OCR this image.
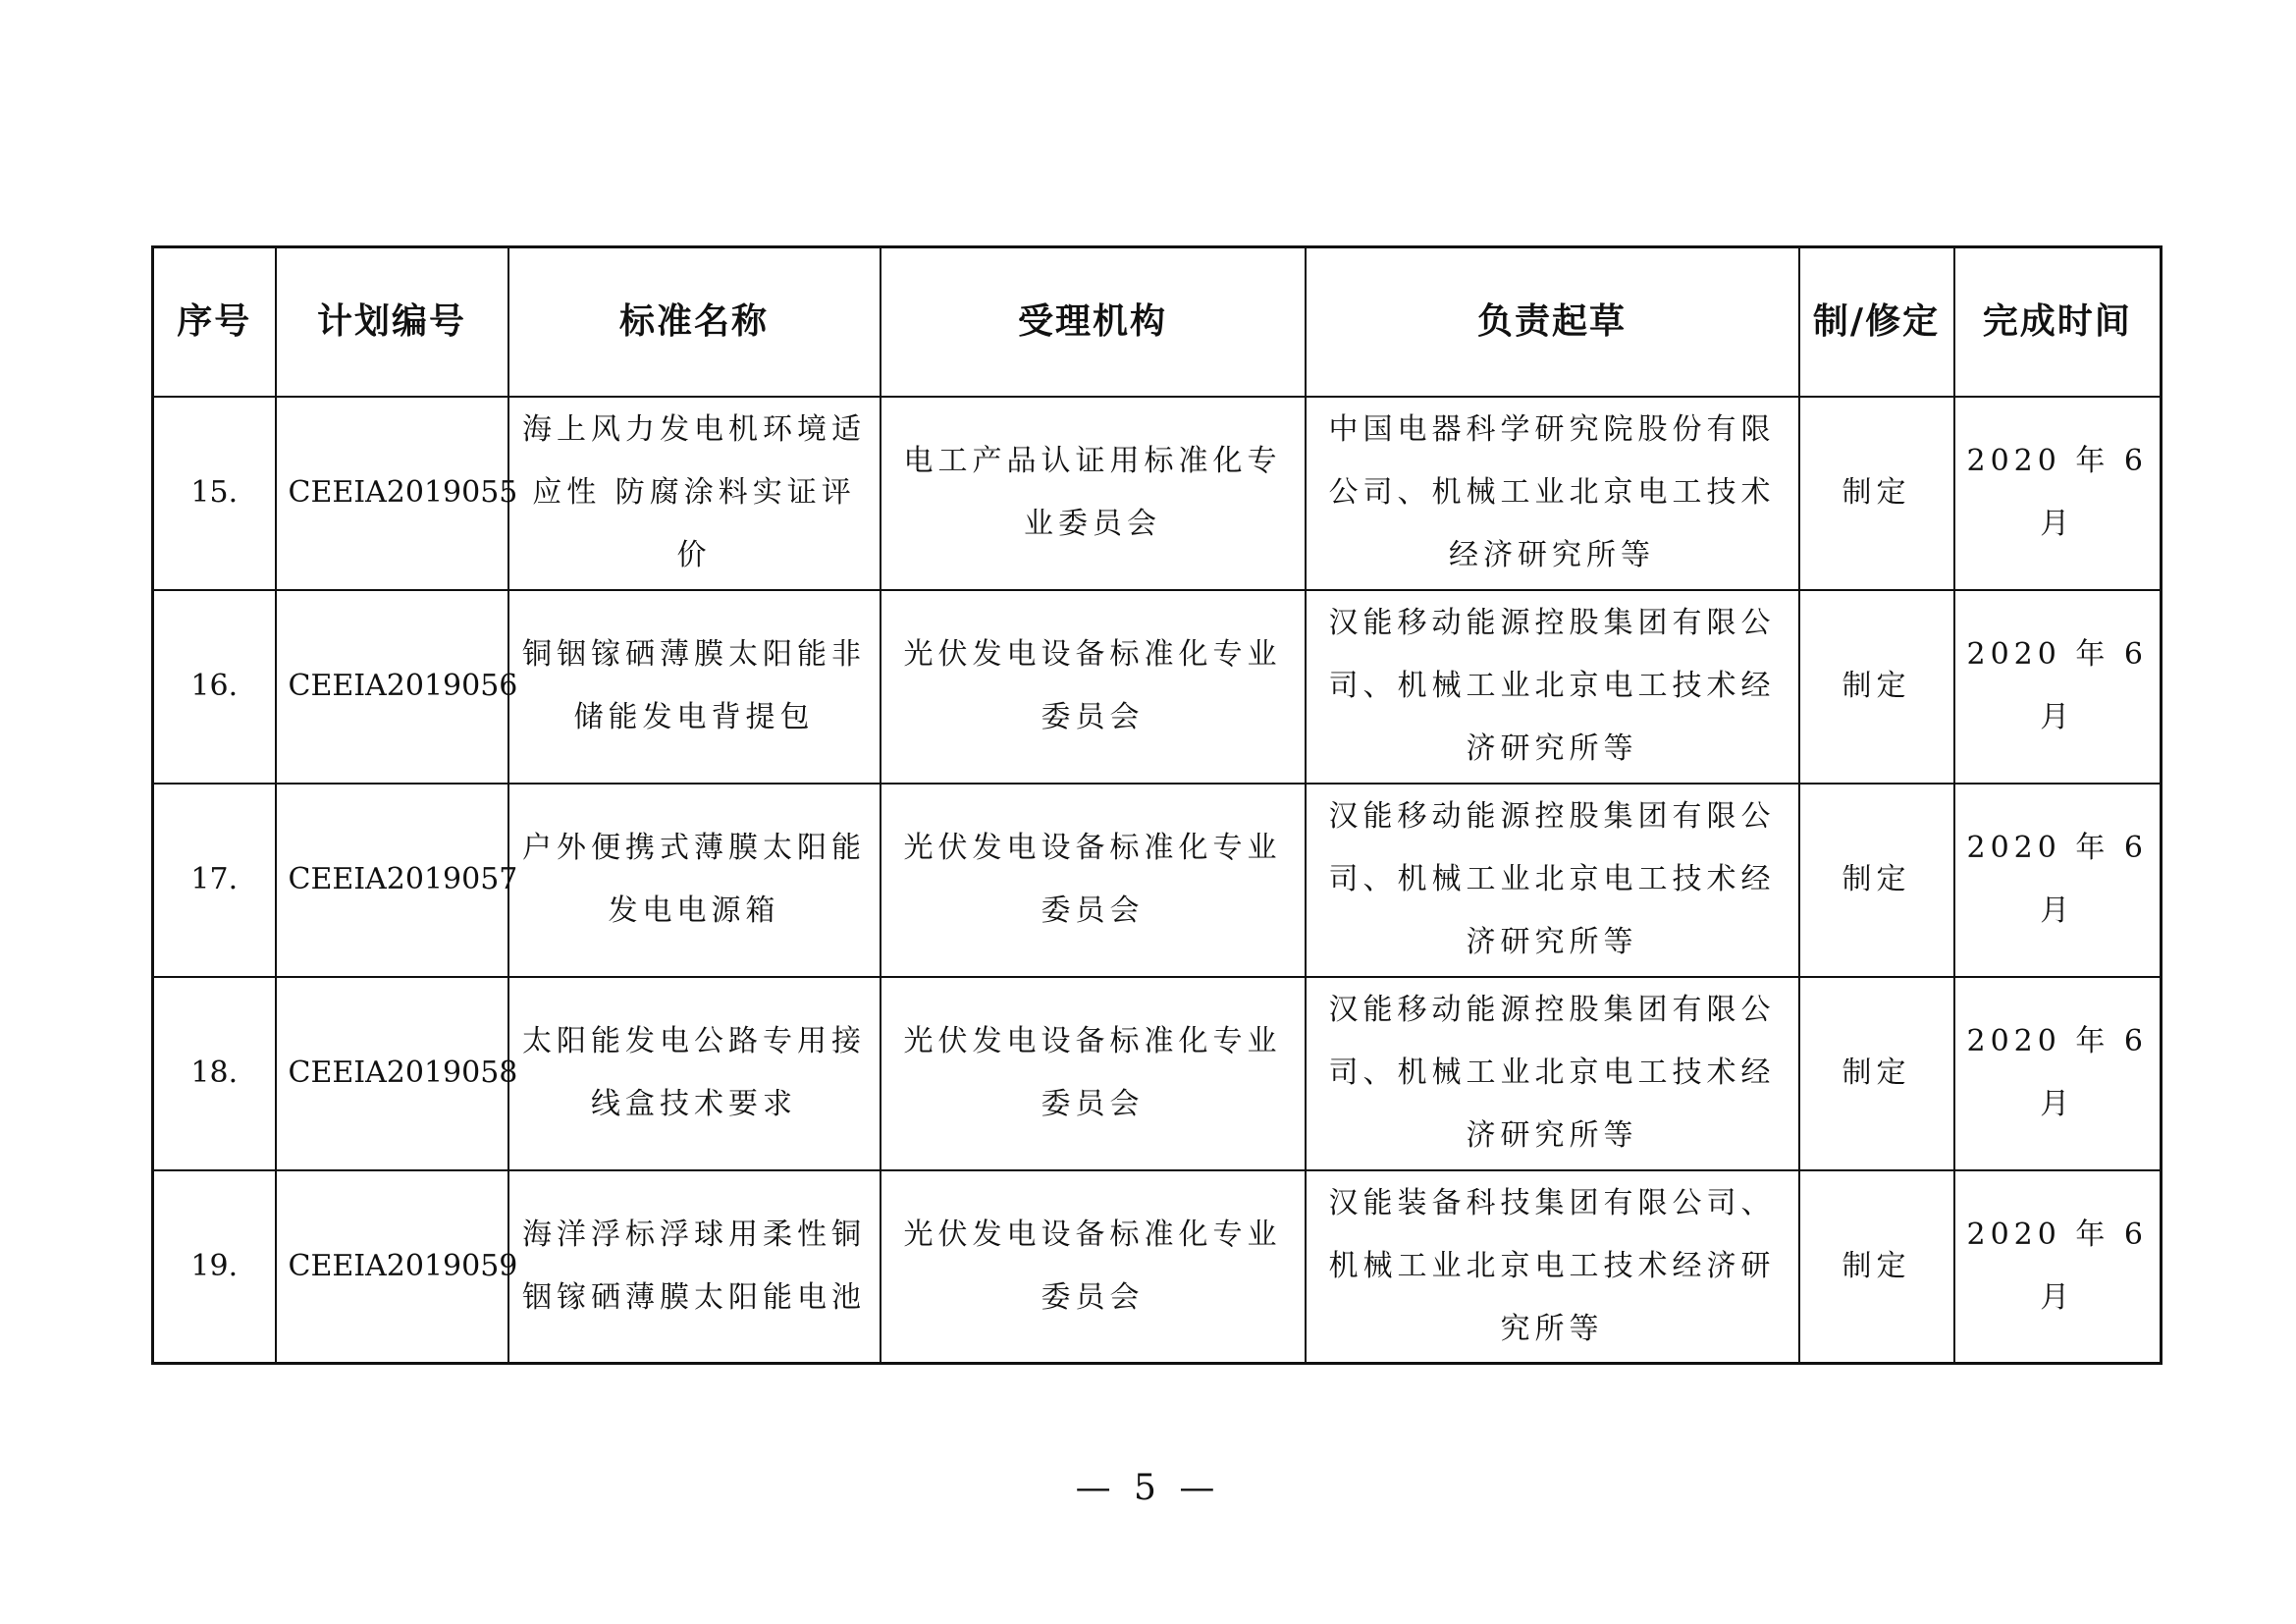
序号	计划编号	标准名称	受理机构	负责起草	制/修定	完成时间
15.	CEEIA2019055	海上风力发电机环境适应性 防腐涂料实证评价	电工产品认证用标准化专业委员会	中国电器科学研究院股份有限公司、机械工业北京电工技术经济研究所等	制定	2020 年 6 月
16.	CEEIA2019056	铜铟镓硒薄膜太阳能非储能发电背提包	光伏发电设备标准化专业委员会	汉能移动能源控股集团有限公司、机械工业北京电工技术经济研究所等	制定	2020 年 6 月
17.	CEEIA2019057	户外便携式薄膜太阳能发电电源箱	光伏发电设备标准化专业委员会	汉能移动能源控股集团有限公司、机械工业北京电工技术经济研究所等	制定	2020 年 6 月
18.	CEEIA2019058	太阳能发电公路专用接线盒技术要求	光伏发电设备标准化专业委员会	汉能移动能源控股集团有限公司、机械工业北京电工技术经济研究所等	制定	2020 年 6 月
19.	CEEIA2019059	海洋浮标浮球用柔性铜铟镓硒薄膜太阳能电池	光伏发电设备标准化专业委员会	汉能装备科技集团有限公司、机械工业北京电工技术经济研究所等	制定	2020 年 6 月
— 5 —
